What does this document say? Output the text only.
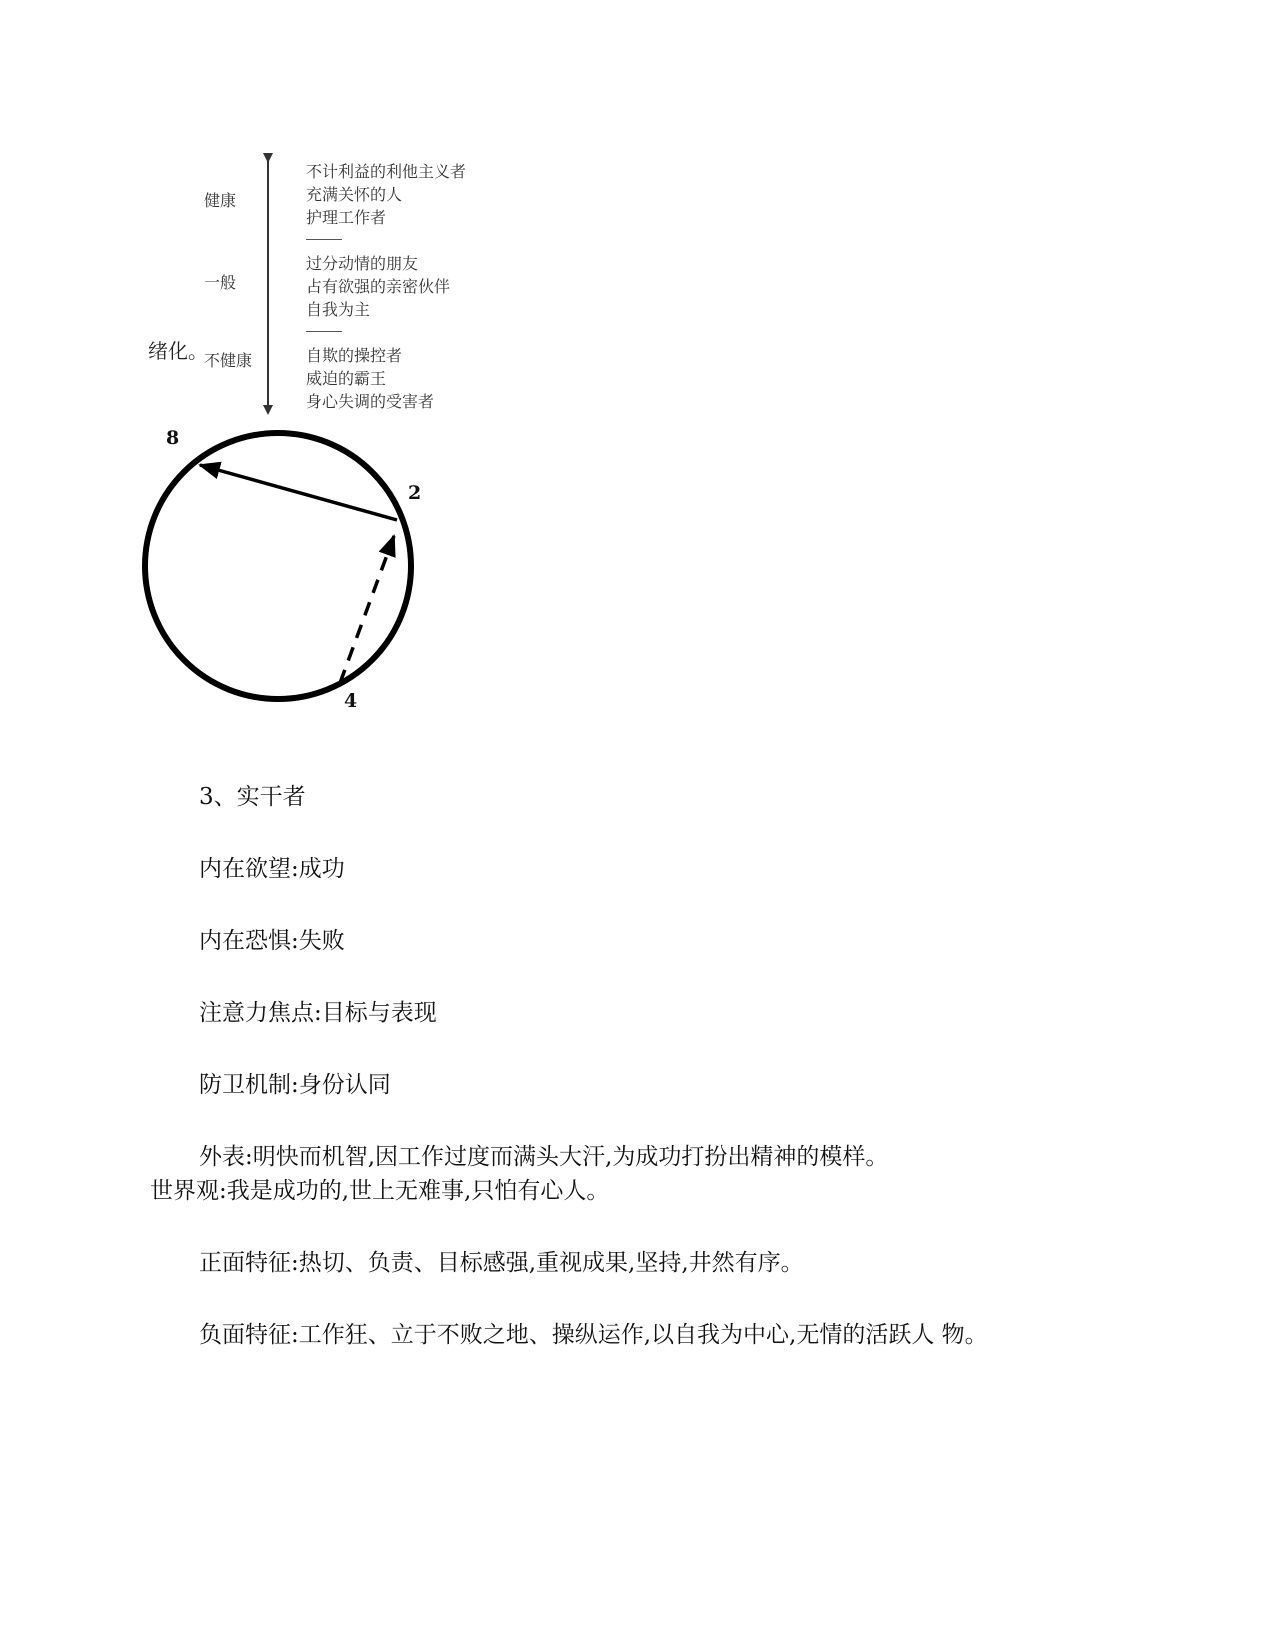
绪化。
健康
一般
不健康
不计利益的利他主义者
充满关怀的人
护理工作者
过分动情的朋友
占有欲强的亲密伙伴
自我为主
自欺的操控者
威迫的霸王
身心失调的受害者
8
2
4

3、实干者

内在欲望:成功

内在恐惧:失败

注意力焦点:目标与表现

防卫机制:身份认同

外表:明快而机智,因工作过度而满头大汗,为成功打扮出精神的模样。

世界观:我是成功的,世上无难事,只怕有心人。

正面特征:热切、负责、目标感强,重视成果,坚持,井然有序。

负面特征:工作狂、立于不败之地、操纵运作,以自我为中心,无情的活跃人 物。
